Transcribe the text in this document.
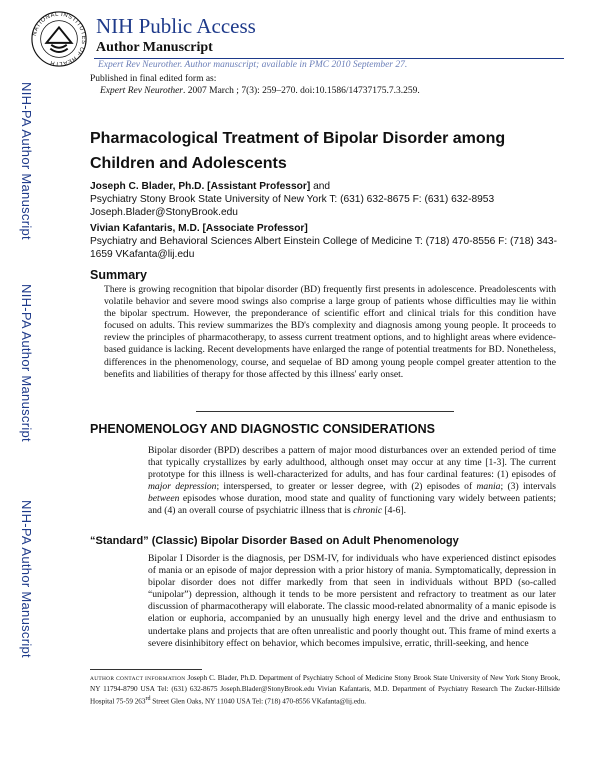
NATIONAL INSTITUTES OF HEALTH
NIH Public Access
Author Manuscript
Expert Rev Neurother. Author manuscript; available in PMC 2010 September 27.
NIH-PA Author Manuscript
NIH-PA Author Manuscript
NIH-PA Author Manuscript
Published in final edited form as:
Expert Rev Neurother. 2007 March ; 7(3): 259–270. doi:10.1586/14737175.7.3.259.
Pharmacological Treatment of Bipolar Disorder among Children and Adolescents
Joseph C. Blader, Ph.D. [Assistant Professor] and
Psychiatry Stony Brook State University of New York T: (631) 632-8675 F: (631) 632-8953 Joseph.Blader@StonyBrook.edu
Vivian Kafantaris, M.D. [Associate Professor]
Psychiatry and Behavioral Sciences Albert Einstein College of Medicine T: (718) 470-8556 F: (718) 343-1659 VKafanta@lij.edu
Summary
There is growing recognition that bipolar disorder (BD) frequently first presents in adolescence. Preadolescents with volatile behavior and severe mood swings also comprise a large group of patients whose difficulties may lie within the bipolar spectrum. However, the preponderance of scientific effort and clinical trials for this condition have focused on adults. This review summarizes the BD's complexity and diagnosis among young people. It proceeds to review the principles of pharmacotherapy, to assess current treatment options, and to highlight areas where evidence-based guidance is lacking. Recent developments have enlarged the range of potential treatments for BD. Nonetheless, differences in the phenomenology, course, and sequelae of BD among young people compel greater attention to the benefits and liabilities of therapy for those affected by this illness' early onset.
PHENOMENOLOGY AND DIAGNOSTIC CONSIDERATIONS
Bipolar disorder (BPD) describes a pattern of major mood disturbances over an extended period of time that typically crystallizes by early adulthood, although onset may occur at any time [1-3]. The current prototype for this illness is well-characterized for adults, and has four cardinal features: (1) episodes of major depression; interspersed, to greater or lesser degree, with (2) episodes of mania; (3) intervals between episodes whose duration, mood state and quality of functioning vary widely between patients; and (4) an overall course of psychiatric illness that is chronic [4-6].
“Standard” (Classic) Bipolar Disorder Based on Adult Phenomenology
Bipolar I Disorder is the diagnosis, per DSM-IV, for individuals who have experienced distinct episodes of mania or an episode of major depression with a prior history of mania. Symptomatically, depression in bipolar disorder does not differ markedly from that seen in individuals without BPD (so-called “unipolar”) depression, although it tends to be more persistent and refractory to treatment as our later discussion of pharmacotherapy will elaborate. The classic mood-related abnormality of a manic episode is elation or euphoria, accompanied by an unusually high energy level and the drive and enthusiasm to undertake plans and projects that are often unrealistic and poorly thought out. This frame of mind exerts a severe disinhibitory effect on behavior, which becomes impulsive, erratic, thrill-seeking, and hence
AUTHOR CONTACT INFORMATION Joseph C. Blader, Ph.D. Department of Psychiatry School of Medicine Stony Brook State University of New York Stony Brook, NY 11794-8790 USA Tel: (631) 632-8675 Joseph.Blader@StonyBrook.edu Vivian Kafantaris, M.D. Department of Psychiatry Research The Zucker-Hillside Hospital 75-59 263rd Street Glen Oaks, NY 11040 USA Tel: (718) 470-8556 VKafanta@lij.edu.
